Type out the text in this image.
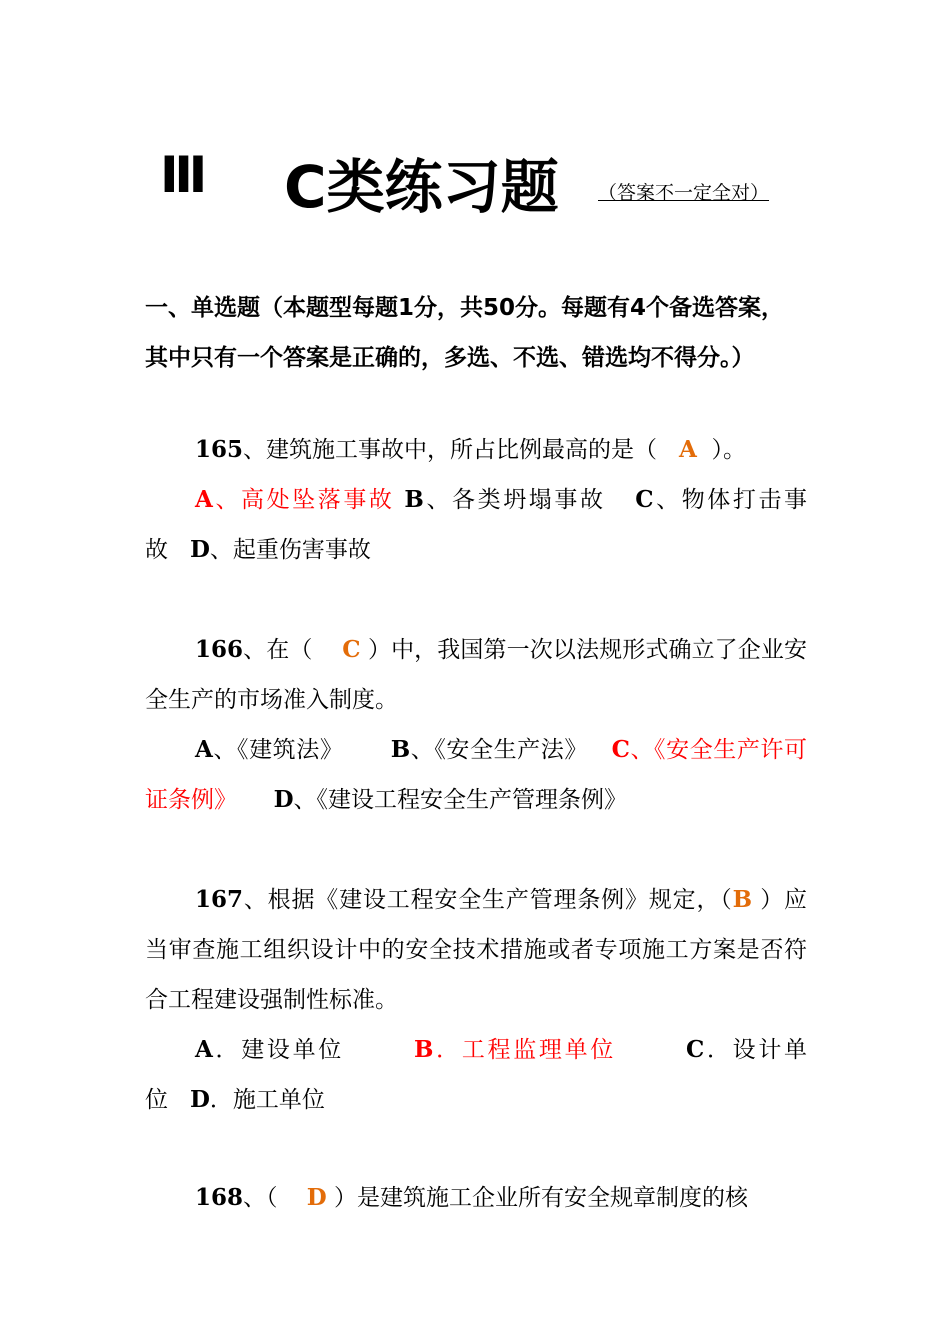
Ⅲ C类练习题 （答案不一定全对）

一、单选题（本题型每题1分，共50分。每题有4个备选答案，其中只有一个答案是正确的，多选、不选、错选均不得分。）

165、建筑施工事故中，所占比例最高的是（ A ）。

A、高处坠落事故 B、各类坍塌事故 C、物体打击事故 D、起重伤害事故

166、在（ C ）中，我国第一次以法规形式确立了企业安全生产的市场准入制度。

A、《建筑法》 B、《安全生产法》 C、《安全生产许可证条例》 D、《建设工程安全生产管理条例》

167、根据《建设工程安全生产管理条例》规定，（B ）应当审查施工组织设计中的安全技术措施或者专项施工方案是否符合工程建设强制性标准。

A．建设单位	B．工程监理单位	C．设计单位 D．施工单位

168、（ D ）是建筑施工企业所有安全规章制度的核
